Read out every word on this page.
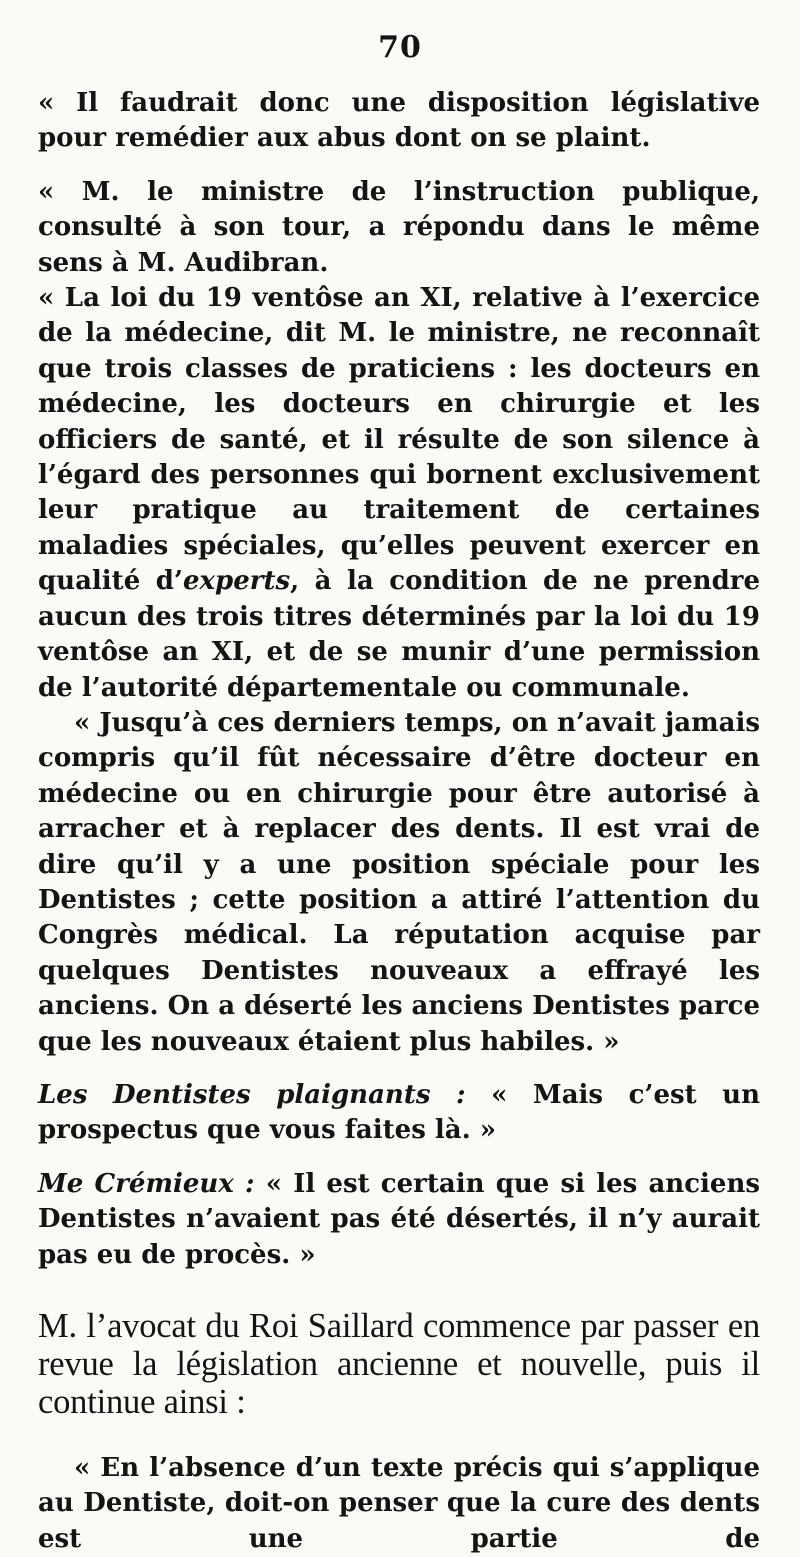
70

« Il faudrait donc une disposition législative pour remédier aux abus dont on se plaint.

« M. le ministre de l’instruction publique, consulté à son tour, a répondu dans le même sens à M. Audibran.

« La loi du 19 ventôse an XI, relative à l’exercice de la médecine, dit M. le ministre, ne reconnaît que trois classes de praticiens : les docteurs en médecine, les docteurs en chirurgie et les officiers de santé, et il résulte de son silence à l’égard des personnes qui bornent exclusivement leur pratique au traitement de certaines maladies spéciales, qu’elles peuvent exercer en qualité d’experts, à la condition de ne prendre aucun des trois titres déterminés par la loi du 19 ventôse an XI, et de se munir d’une permission de l’autorité départementale ou communale.

« Jusqu’à ces derniers temps, on n’avait jamais compris qu’il fût nécessaire d’être docteur en médecine ou en chirurgie pour être autorisé à arracher et à replacer des dents. Il est vrai de dire qu’il y a une position spéciale pour les Dentistes ; cette position a attiré l’attention du Congrès médical. La réputation acquise par quelques Dentistes nouveaux a effrayé les anciens. On a déserté les anciens Dentistes parce que les nouveaux étaient plus habiles. »

Les Dentistes plaignants : « Mais c’est un prospectus que vous faites là. »

Me Crémieux : « Il est certain que si les anciens Dentistes n’avaient pas été désertés, il n’y aurait pas eu de procès. »

M. l’avocat du Roi Saillard commence par passer en revue la législation ancienne et nouvelle, puis il continue ainsi :

« En l’absence d’un texte précis qui s’applique au Dentiste, doit-on penser que la cure des dents est une partie de
